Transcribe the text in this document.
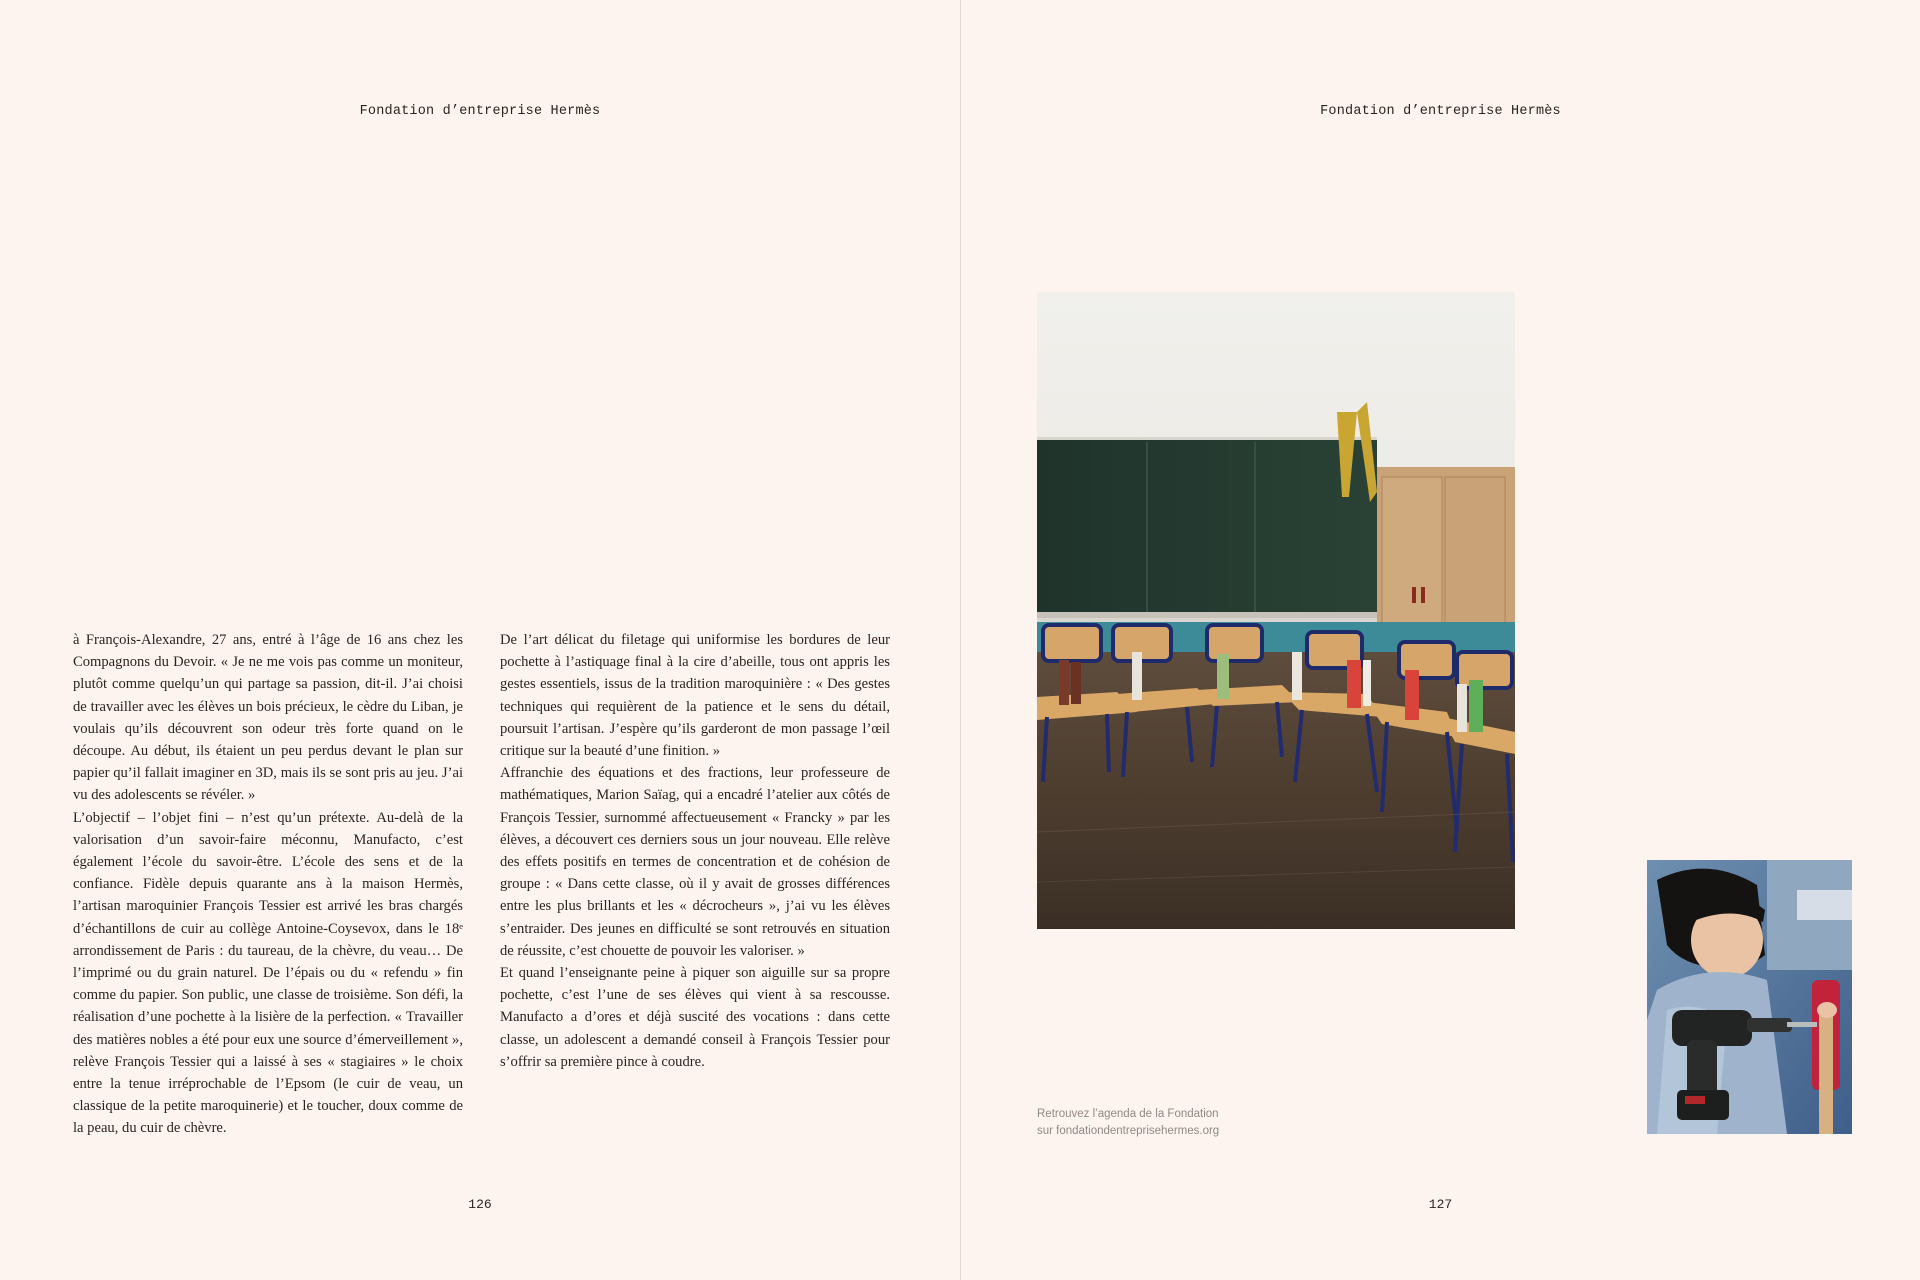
Fondation d’entreprise Hermès

à François-Alexandre, 27 ans, entré à l’âge de 16 ans chez les Compagnons du Devoir. « Je ne me vois pas comme un moniteur, plutôt comme quelqu’un qui partage sa passion, dit-il. J’ai choisi de travailler avec les élèves un bois précieux, le cèdre du Liban, je voulais qu’ils découvrent son odeur très forte quand on le découpe. Au début, ils étaient un peu perdus devant le plan sur papier qu’il fallait imaginer en 3D, mais ils se sont pris au jeu. J’ai vu des adolescents se révéler. »

L’objectif – l’objet fini – n’est qu’un prétexte. Au-delà de la valorisation d’un savoir-faire méconnu, Manufacto, c’est également l’école du savoir-être. L’école des sens et de la confiance. Fidèle depuis quarante ans à la maison Hermès, l’artisan maroquinier François Tessier est arrivé les bras chargés d’échantillons de cuir au collège Antoine-Coysevox, dans le 18ᵉ arrondissement de Paris : du taureau, de la chèvre, du veau… De l’imprimé ou du grain naturel. De l’épais ou du « refendu » fin comme du papier. Son public, une classe de troisième. Son défi, la réalisation d’une pochette à la lisière de la perfection. « Travailler des matières nobles a été pour eux une source d’émerveillement », relève François Tessier qui a laissé à ses « stagiaires » le choix entre la tenue irréprochable de l’Epsom (le cuir de veau, un classique de la petite maroquinerie) et le toucher, doux comme de la peau, du cuir de chèvre.

De l’art délicat du filetage qui uniformise les bordures de leur pochette à l’astiquage final à la cire d’abeille, tous ont appris les gestes essentiels, issus de la tradition maroquinière : « Des gestes techniques qui requièrent de la patience et le sens du détail, poursuit l’artisan. J’espère qu’ils garderont de mon passage l’œil critique sur la beauté d’une finition. »

Affranchie des équations et des fractions, leur professeure de mathématiques, Marion Saïag, qui a encadré l’atelier aux côtés de François Tessier, surnommé affectueusement « Francky » par les élèves, a découvert ces derniers sous un jour nouveau. Elle relève des effets positifs en termes de concentration et de cohésion de groupe : « Dans cette classe, où il y avait de grosses différences entre les plus brillants et les « décrocheurs », j’ai vu les élèves s’entraider. Des jeunes en difficulté se sont retrouvés en situation de réussite, c’est chouette de pouvoir les valoriser. »

Et quand l’enseignante peine à piquer son aiguille sur sa propre pochette, c’est l’une de ses élèves qui vient à sa rescousse. Manufacto a d’ores et déjà suscité des vocations : dans cette classe, un adolescent a demandé conseil à François Tessier pour s’offrir sa première pince à coudre.

126
Fondation d’entreprise Hermès
Retrouvez l’agenda de la Fondation
sur fondationdentreprisehermes.org
127
